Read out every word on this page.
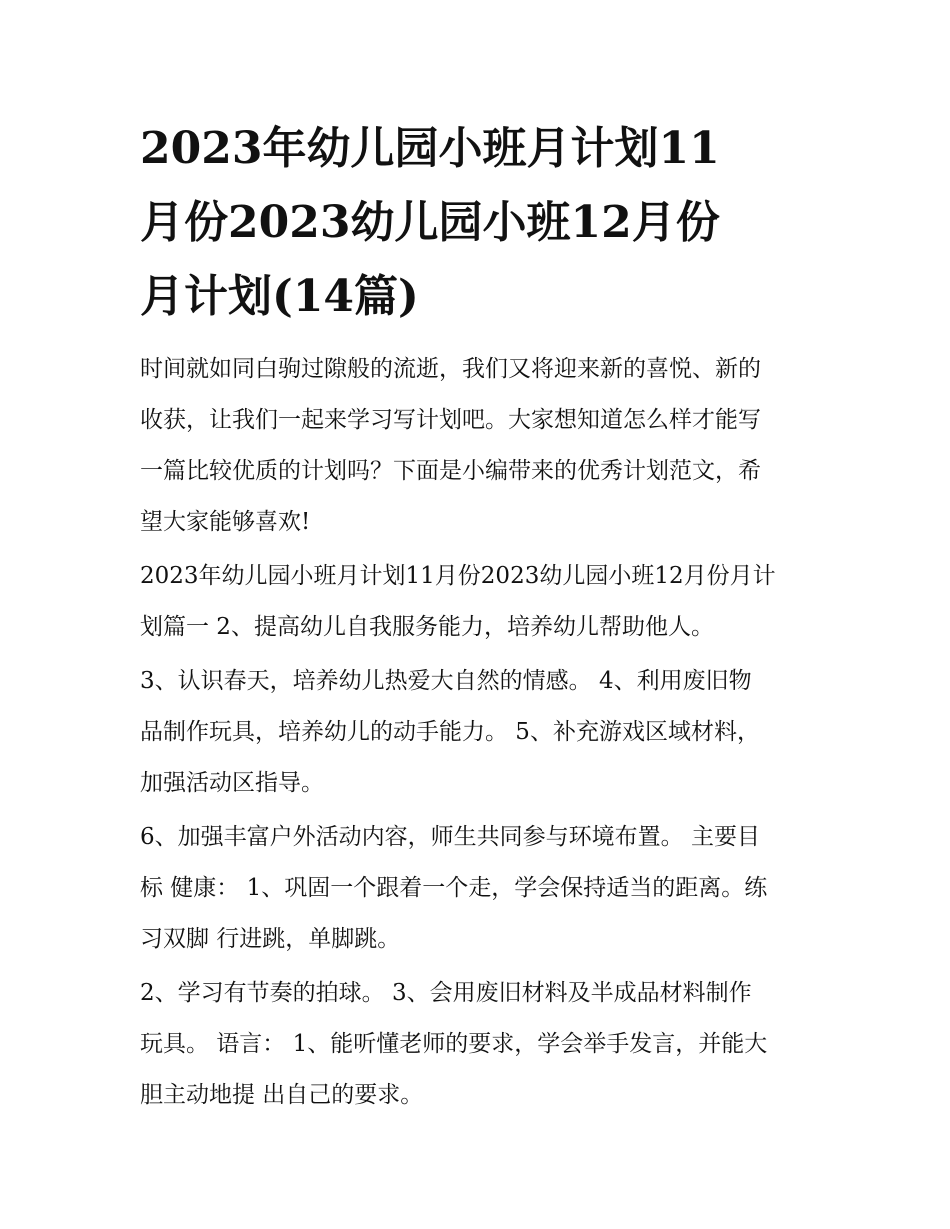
2023年幼儿园小班月计划11
月份2023幼儿园小班12月份
月计划(14篇)

时间就如同白驹过隙般的流逝，我们又将迎来新的喜悦、新的
收获，让我们一起来学习写计划吧。大家想知道怎么样才能写
一篇比较优质的计划吗？下面是小编带来的优秀计划范文，希
望大家能够喜欢!

2023年幼儿园小班月计划11月份2023幼儿园小班12月份月计
划篇一 2、提高幼儿自我服务能力，培养幼儿帮助他人。

3、认识春天，培养幼儿热爱大自然的情感。 4、利用废旧物
品制作玩具，培养幼儿的动手能力。 5、补充游戏区域材料，
加强活动区指导。

6、加强丰富户外活动内容，师生共同参与环境布置。 主要目
标 健康： 1、巩固一个跟着一个走，学会保持适当的距离。练
习双脚 行进跳，单脚跳。

2、学习有节奏的拍球。 3、会用废旧材料及半成品材料制作
玩具。 语言： 1、能听懂老师的要求，学会举手发言，并能大
胆主动地提 出自己的要求。
